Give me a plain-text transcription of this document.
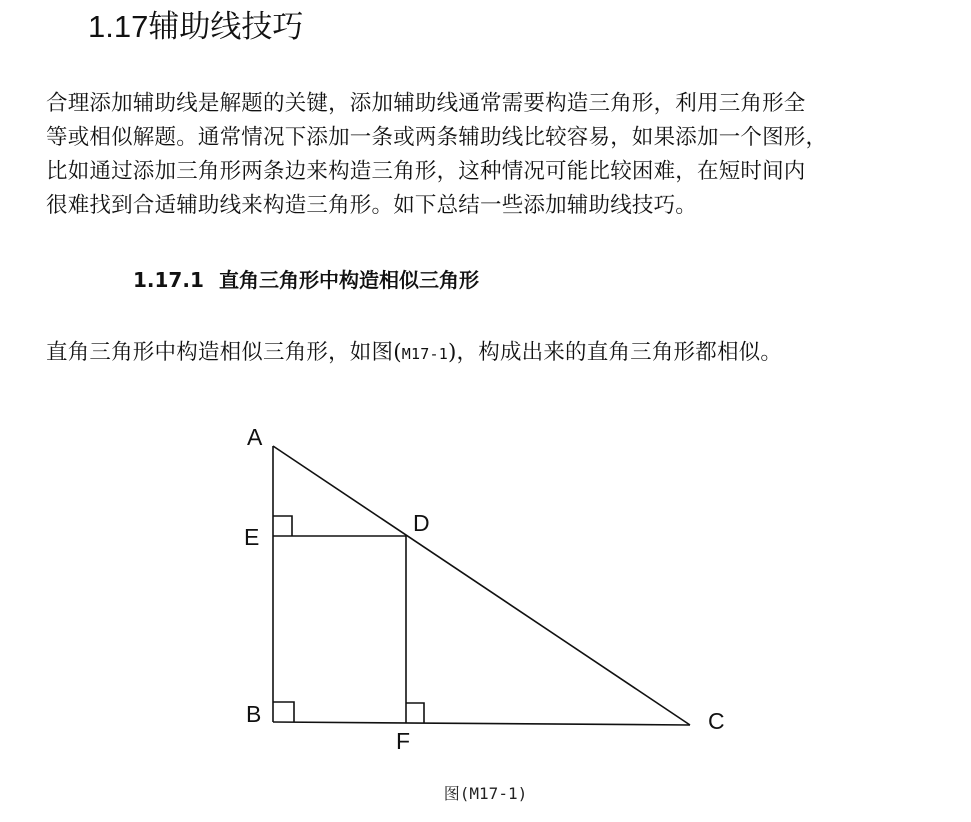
1.17辅助线技巧
合理添加辅助线是解题的关键，添加辅助线通常需要构造三角形，利用三角形全
等或相似解题。通常情况下添加一条或两条辅助线比较容易，如果添加一个图形，
比如通过添加三角形两条边来构造三角形，这种情况可能比较困难，在短时间内
很难找到合适辅助线来构造三角形。如下总结一些添加辅助线技巧。
1.17.1 直角三角形中构造相似三角形
直角三角形中构造相似三角形，如图(M17-1)，构成出来的直角三角形都相似。
A
E
D
B
F
C
图(M17-1)
